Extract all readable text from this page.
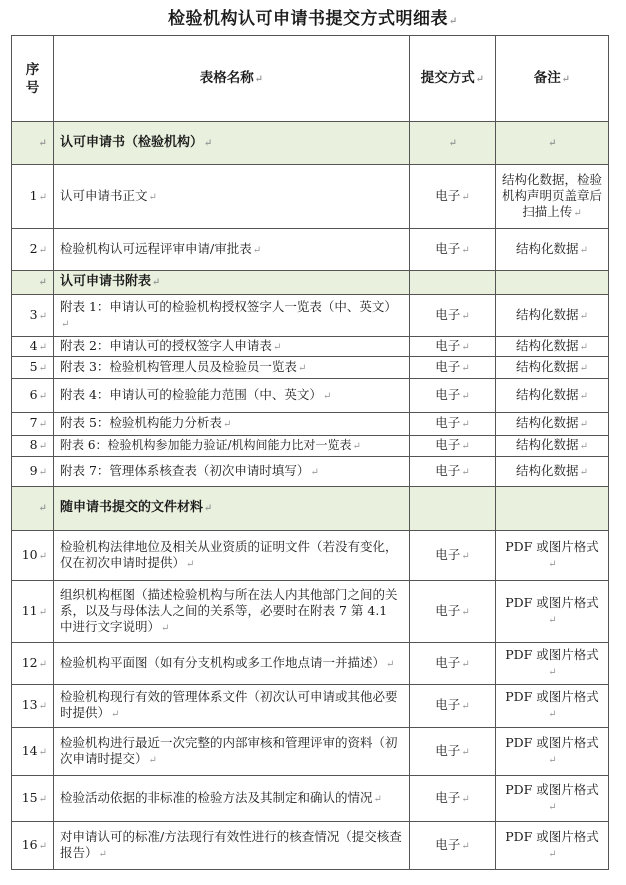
检验机构认可申请书提交方式明细表↵
序号	表格名称↵	提交方式↵	备注↵
↵	认可申请书（检验机构）↵	↵	↵
1↵	认可申请书正文↵	电子↵	结构化数据，检验机构声明页盖章后扫描上传↵
2↵	检验机构认可远程评审申请/审批表↵	电子↵	结构化数据↵
↵	认可申请书附表↵		
3↵	附表 1：申请认可的检验机构授权签字人一览表（中、英文）↵	电子↵	结构化数据↵
4↵	附表 2：申请认可的授权签字人申请表↵	电子↵	结构化数据↵
5↵	附表 3：检验机构管理人员及检验员一览表↵	电子↵	结构化数据↵
6↵	附表 4：申请认可的检验能力范围（中、英文）↵	电子↵	结构化数据↵
7↵	附表 5：检验机构能力分析表↵	电子↵	结构化数据↵
8↵	附表 6：检验机构参加能力验证/机构间能力比对一览表↵	电子↵	结构化数据↵
9↵	附表 7：管理体系核查表（初次申请时填写）↵	电子↵	结构化数据↵
↵	随申请书提交的文件材料↵		
10↵	检验机构法律地位及相关从业资质的证明文件（若没有变化，仅在初次申请时提供）↵	电子↵	PDF 或图片格式↵
11↵	组织机构框图（描述检验机构与所在法人内其他部门之间的关系，以及与母体法人之间的关系等，必要时在附表 7 第 4.1 中进行文字说明）↵	电子↵	PDF 或图片格式↵
12↵	检验机构平面图（如有分支机构或多工作地点请一并描述）↵	电子↵	PDF 或图片格式↵
13↵	检验机构现行有效的管理体系文件（初次认可申请或其他必要时提供）↵	电子↵	PDF 或图片格式↵
14↵	检验机构进行最近一次完整的内部审核和管理评审的资料（初次申请时提交）↵	电子↵	PDF 或图片格式↵
15↵	检验活动依据的非标准的检验方法及其制定和确认的情况↵	电子↵	PDF 或图片格式↵
16↵	对申请认可的标准/方法现行有效性进行的核查情况（提交核查报告）↵	电子↵	PDF 或图片格式↵
